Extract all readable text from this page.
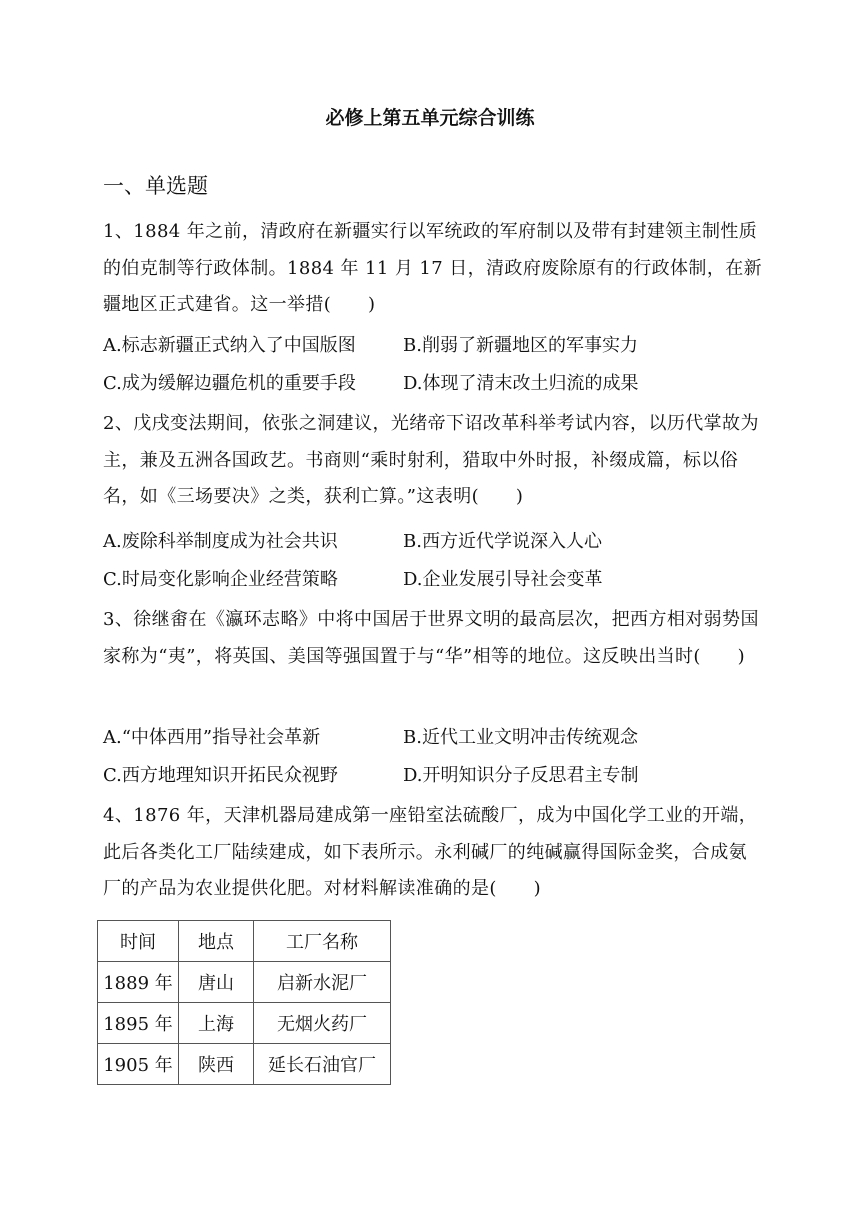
必修上第五单元综合训练
一、单选题
1、1884 年之前，清政府在新疆实行以军统政的军府制以及带有封建领主制性质的伯克制等行政体制。1884 年 11 月 17 日，清政府废除原有的行政体制，在新疆地区正式建省。这一举措(　　)
A.标志新疆正式纳入了中国版图	B.削弱了新疆地区的军事实力
C.成为缓解边疆危机的重要手段	D.体现了清末改土归流的成果
2、戊戌变法期间，依张之洞建议，光绪帝下诏改革科举考试内容，以历代掌故为主，兼及五洲各国政艺。书商则“乘时射利，猎取中外时报，补缀成篇，标以俗名，如《三场要决》之类，获利亡算。”这表明(　　)
A.废除科举制度成为社会共识	B.西方近代学说深入人心
C.时局变化影响企业经营策略	D.企业发展引导社会变革
3、徐继畬在《瀛环志略》中将中国居于世界文明的最高层次，把西方相对弱势国家称为“夷”，将英国、美国等强国置于与“华”相等的地位。这反映出当时(　　)
A.“中体西用”指导社会革新	B.近代工业文明冲击传统观念
C.西方地理知识开拓民众视野	D.开明知识分子反思君主专制
4、1876 年，天津机器局建成第一座铅室法硫酸厂，成为中国化学工业的开端，此后各类化工厂陆续建成，如下表所示。永利碱厂的纯碱赢得国际金奖，合成氨厂的产品为农业提供化肥。对材料解读准确的是(　　)
时间	地点	工厂名称
1889 年	唐山	启新水泥厂
1895 年	上海	无烟火药厂
1905 年	陕西	延长石油官厂
